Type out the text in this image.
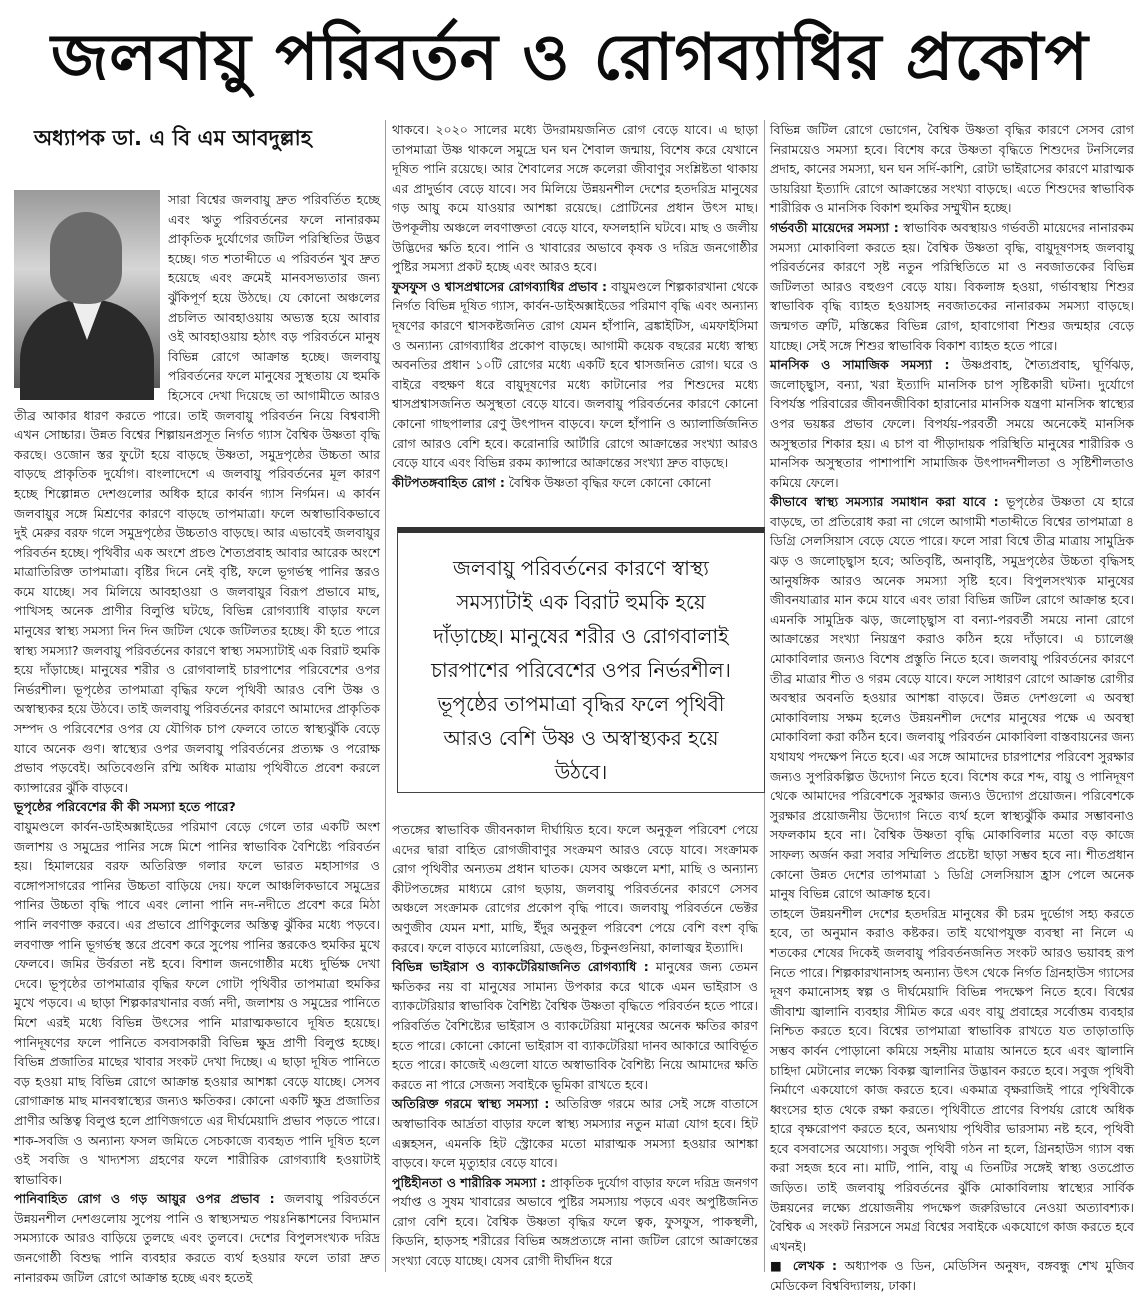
জলবায়ু পরিবর্তন ও রোগব্যাধির প্রকোপ
অধ্যাপক ডা. এ বি এম আবদুল্লাহ

সারা বিশ্বের জলবায়ু দ্রুত পরিবর্তিত হচ্ছে এবং ঋতু পরিবর্তনের ফলে নানারকম প্রাকৃতিক দুর্যোগের জটিল পরিস্থিতির উদ্ভব হচ্ছে। গত শতাব্দীতে এ পরিবর্তন খুব দ্রুত হয়েছে এবং ক্রমেই মানবসভ্যতার জন্য ঝুঁকিপূর্ণ হয়ে উঠছে। যে কোনো অঞ্চলের প্রচলিত আবহাওয়ায় অভ্যস্ত হয়ে আবার ওই আবহাওয়ায় হঠাৎ বড় পরিবর্তনে মানুষ বিভিন্ন রোগে আক্রান্ত হচ্ছে। জলবায়ু পরিবর্তনের ফলে মানুষের সুস্থতায় যে হুমকি হিসেবে দেখা দিয়েছে তা আগামীতে আরও তীব্র আকার ধারণ করতে পারে। তাই জলবায়ু পরিবর্তন নিয়ে বিশ্ববাসী এখন সোচ্চার। উন্নত বিশ্বের শিল্পায়নপ্রসূত নির্গত গ্যাস বৈশ্বিক উষ্ণতা বৃদ্ধি করছে। ওজোন স্তর ফুটো হয়ে বাড়ছে উষ্ণতা, সমুদ্রপৃষ্ঠের উচ্চতা আর বাড়ছে প্রাকৃতিক দুর্যোগ। বাংলাদেশে এ জলবায়ু পরিবর্তনের মূল কারণ হচ্ছে শিল্পোন্নত দেশগুলোর অধিক হারে কার্বন গ্যাস নির্গমন। এ কার্বন জলবায়ুর সঙ্গে মিশ্রণের কারণে বাড়ছে তাপমাত্রা। ফলে অস্বাভাবিকভাবে দুই মেরুর বরফ গলে সমুদ্রপৃষ্ঠের উচ্চতাও বাড়ছে। আর এভাবেই জলবায়ুর পরিবর্তন হচ্ছে। পৃথিবীর এক অংশে প্রচণ্ড শৈত্যপ্রবাহ আবার আরেক অংশে মাত্রাতিরিক্ত তাপমাত্রা। বৃষ্টির দিনে নেই বৃষ্টি, ফলে ভূগর্ভস্থ পানির স্তরও কমে যাচ্ছে। সব মিলিয়ে আবহাওয়া ও জলবায়ুর বিরূপ প্রভাবে মাছ, পাখিসহ অনেক প্রাণীর বিলুপ্তি ঘটছে, বিভিন্ন রোগব্যাধি বাড়ার ফলে মানুষের স্বাস্থ্য সমস্যা দিন দিন জটিল থেকে জটিলতর হচ্ছে। কী হতে পারে স্বাস্থ্য সমস্যা? জলবায়ু পরিবর্তনের কারণে স্বাস্থ্য সমস্যাটাই এক বিরাট হুমকি হয়ে দাঁড়াচ্ছে। মানুষের শরীর ও রোগবালাই চারপাশের পরিবেশের ওপর নির্ভরশীল। ভূপৃষ্ঠের তাপমাত্রা বৃদ্ধির ফলে পৃথিবী আরও বেশি উষ্ণ ও অস্বাস্থ্যকর হয়ে উঠবে। তাই জলবায়ু পরিবর্তনের কারণে আমাদের প্রাকৃতিক সম্পদ ও পরিবেশের ওপর যে যৌগিক চাপ ফেলবে তাতে স্বাস্থ্যঝুঁকি বেড়ে যাবে অনেক গুণ। স্বাস্থ্যের ওপর জলবায়ু পরিবর্তনের প্রত্যক্ষ ও পরোক্ষ প্রভাব পড়বেই। অতিবেগুনি রশ্মি অধিক মাত্রায় পৃথিবীতে প্রবেশ করলে ক্যান্সারের ঝুঁকি বাড়বে।

ভূপৃষ্ঠের পরিবেশের কী কী সমস্যা হতে পারে?

বায়ুমণ্ডলে কার্বন-ডাইঅক্সাইডের পরিমাণ বেড়ে গেলে তার একটি অংশ জলাশয় ও সমুদ্রের পানির সঙ্গে মিশে পানির স্বাভাবিক বৈশিষ্ট্যে পরিবর্তন হয়। হিমালয়ের বরফ অতিরিক্ত গলার ফলে ভারত মহাসাগর ও বঙ্গোপসাগরের পানির উচ্চতা বাড়িয়ে দেয়। ফলে আঞ্চলিকভাবে সমুদ্রের পানির উচ্চতা বৃদ্ধি পাবে এবং লোনা পানি নদ-নদীতে প্রবেশ করে মিঠা পানি লবণাক্ত করবে। এর প্রভাবে প্রাণিকুলের অস্তিত্ব ঝুঁকির মধ্যে পড়বে। লবণাক্ত পানি ভূগর্ভস্থ স্তরে প্রবেশ করে সুপেয় পানির স্তরকেও হুমকির মুখে ফেলবে। জমির উর্বরতা নষ্ট হবে। বিশাল জনগোষ্ঠীর মধ্যে দুর্ভিক্ষ দেখা দেবে। ভূপৃষ্ঠের তাপমাত্রার বৃদ্ধির ফলে গোটা পৃথিবীর তাপমাত্রা হুমকির মুখে পড়বে। এ ছাড়া শিল্পকারখানার বর্জ্য নদী, জলাশয় ও সমুদ্রের পানিতে মিশে এরই মধ্যে বিভিন্ন উৎসের পানি মারাত্মকভাবে দূষিত হয়েছে। পানিদূষণের ফলে পানিতে বসবাসকারী বিভিন্ন ক্ষুদ্র প্রাণী বিলুপ্ত হচ্ছে। বিভিন্ন প্রজাতির মাছের খাবার সংকট দেখা দিচ্ছে। এ ছাড়া দূষিত পানিতে বড় হওয়া মাছ বিভিন্ন রোগে আক্রান্ত হওয়ার আশঙ্কা বেড়ে যাচ্ছে। সেসব রোগাক্রান্ত মাছ মানবস্বাস্থ্যের জন্যও ক্ষতিকর। কোনো একটি ক্ষুদ্র প্রজাতির প্রাণীর অস্তিত্ব বিলুপ্ত হলে প্রাণিজগতে এর দীর্ঘমেয়াদি প্রভাব পড়তে পারে। শাক-সবজি ও অন্যান্য ফসল জমিতে সেচকাজে ব্যবহৃত পানি দূষিত হলে ওই সবজি ও খাদ্যশস্য গ্রহণের ফলে শারীরিক রোগব্যাধি হওয়াটাই স্বাভাবিক।

পানিবাহিত রোগ ও গড় আয়ুর ওপর প্রভাব : জলবায়ু পরিবর্তনে উন্নয়নশীল দেশগুলোয় সুপেয় পানি ও স্বাস্থ্যসম্মত পয়ঃনিষ্কাশনের বিদ্যমান সমস্যাকে আরও বাড়িয়ে তুলছে এবং তুলবে। দেশের বিপুলসংখ্যক দরিদ্র জনগোষ্ঠী বিশুদ্ধ পানি ব্যবহার করতে ব্যর্থ হওয়ার ফলে তারা দ্রুত নানারকম জটিল রোগে আক্রান্ত হচ্ছে এবং হতেই

থাকবে। ২০২০ সালের মধ্যে উদরাময়জনিত রোগ বেড়ে যাবে। এ ছাড়া তাপমাত্রা উষ্ণ থাকলে সমুদ্রে ঘন ঘন শৈবাল জন্মায়, বিশেষ করে যেখানে দূষিত পানি রয়েছে। আর শৈবালের সঙ্গে কলেরা জীবাণুর সংশ্লিষ্টতা থাকায় এর প্রাদুর্ভাব বেড়ে যাবে। সব মিলিয়ে উন্নয়নশীল দেশের হতদরিদ্র মানুষের গড় আয়ু কমে যাওয়ার আশঙ্কা রয়েছে। প্রোটিনের প্রধান উৎস মাছ। উপকূলীয় অঞ্চলে লবণাক্ততা বেড়ে যাবে, ফসলহানি ঘটবে। মাছ ও জলীয় উদ্ভিদের ক্ষতি হবে। পানি ও খাবারের অভাবে কৃষক ও দরিদ্র জনগোষ্ঠীর পুষ্টির সমস্যা প্রকট হচ্ছে এবং আরও হবে।

ফুসফুস ও শ্বাসপ্রশ্বাসের রোগব্যাধির প্রভাব : বায়ুমণ্ডলে শিল্পকারখানা থেকে নির্গত বিভিন্ন দূষিত গ্যাস, কার্বন-ডাইঅক্সাইডের পরিমাণ বৃদ্ধি এবং অন্যান্য দূষণের কারণে শ্বাসকষ্টজনিত রোগ যেমন হাঁপানি, ব্রঙ্কাইটিস, এমফাইসিমা ও অন্যান্য রোগব্যাধির প্রকোপ বাড়ছে। আগামী কয়েক বছরের মধ্যে স্বাস্থ্য অবনতির প্রধান ১০টি রোগের মধ্যে একটি হবে শ্বাসজনিত রোগ। ঘরে ও বাইরে বহুক্ষণ ধরে বায়ুদূষণের মধ্যে কাটানোর পর শিশুদের মধ্যে শ্বাসপ্রশ্বাসজনিত অসুস্থতা বেড়ে যাবে। জলবায়ু পরিবর্তনের কারণে কোনো কোনো গাছপালার রেণু উৎপাদন বাড়বে। ফলে হাঁপানি ও অ্যালার্জিজনিত রোগ আরও বেশি হবে। করোনারি আর্টারি রোগে আক্রান্তের সংখ্যা আরও বেড়ে যাবে এবং বিভিন্ন রকম ক্যান্সারে আক্রান্তের সংখ্যা দ্রুত বাড়ছে।

কীটপতঙ্গবাহিত রোগ : বৈশ্বিক উষ্ণতা বৃদ্ধির ফলে কোনো কোনো

পতঙ্গের স্বাভাবিক জীবনকাল দীর্ঘায়িত হবে। ফলে অনুকূল পরিবেশ পেয়ে এদের দ্বারা বাহিত রোগজীবাণুর সংক্রমণ আরও বেড়ে যাবে। সংক্রামক রোগ পৃথিবীর অন্যতম প্রধান ঘাতক। যেসব অঞ্চলে মশা, মাছি ও অন্যান্য কীটপতঙ্গের মাধ্যমে রোগ ছড়ায়, জলবায়ু পরিবর্তনের কারণে সেসব অঞ্চলে সংক্রামক রোগের প্রকোপ বৃদ্ধি পাবে। জলবায়ু পরিবর্তনে ভেক্টর অণুজীব যেমন মশা, মাছি, ইঁদুর অনুকূল পরিবেশ পেয়ে বেশি বংশ বৃদ্ধি করবে। ফলে বাড়বে ম্যালেরিয়া, ডেঙ্গু, চিকুনগুনিয়া, কালাজ্বর ইত্যাদি।

বিভিন্ন ভাইরাস ও ব্যাকটেরিয়াজনিত রোগব্যাধি : মানুষের জন্য তেমন ক্ষতিকর নয় বা মানুষের সামান্য উপকার করে থাকে এমন ভাইরাস ও ব্যাকটেরিয়ার স্বাভাবিক বৈশিষ্ট্য বৈশ্বিক উষ্ণতা বৃদ্ধিতে পরিবর্তন হতে পারে। পরিবর্তিত বৈশিষ্ট্যের ভাইরাস ও ব্যাকটেরিয়া মানুষের অনেক ক্ষতির কারণ হতে পারে। কোনো কোনো ভাইরাস বা ব্যাকটেরিয়া দানব আকারে আবির্ভূত হতে পারে। কাজেই এগুলো যাতে অস্বাভাবিক বৈশিষ্ট্য নিয়ে আমাদের ক্ষতি করতে না পারে সেজন্য সবাইকে ভূমিকা রাখতে হবে।

অতিরিক্ত গরমে স্বাস্থ্য সমস্যা : অতিরিক্ত গরমে আর সেই সঙ্গে বাতাসে অস্বাভাবিক আর্দ্রতা বাড়ার ফলে স্বাস্থ্য সমস্যার নতুন মাত্রা যোগ হবে। হিট এক্সহসন, এমনকি হিট স্ট্রোকের মতো মারাত্মক সমস্যা হওয়ার আশঙ্কা বাড়বে। ফলে মৃত্যুহার বেড়ে যাবে।

পুষ্টিহীনতা ও শারীরিক সমস্যা : প্রাকৃতিক দুর্যোগ বাড়ার ফলে দরিদ্র জনগণ পর্যাপ্ত ও সুষম খাবারের অভাবে পুষ্টির সমস্যায় পড়বে এবং অপুষ্টিজনিত রোগ বেশি হবে। বৈশ্বিক উষ্ণতা বৃদ্ধির ফলে ত্বক, ফুসফুস, পাকস্থলী, কিডনি, হাড়সহ শরীরের বিভিন্ন অঙ্গপ্রত্যঙ্গে নানা জটিল রোগে আক্রান্তের সংখ্যা বেড়ে যাচ্ছে। যেসব রোগী দীর্ঘদিন ধরে

জলবায়ু পরিবর্তনের কারণে স্বাস্থ্য সমস্যাটাই এক বিরাট হুমকি হয়ে দাঁড়াচ্ছে। মানুষের শরীর ও রোগবালাই চারপাশের পরিবেশের ওপর নির্ভরশীল। ভূপৃষ্ঠের তাপমাত্রা বৃদ্ধির ফলে পৃথিবী আরও বেশি উষ্ণ ও অস্বাস্থ্যকর হয়ে উঠবে।

বিভিন্ন জটিল রোগে ভোগেন, বৈশ্বিক উষ্ণতা বৃদ্ধির কারণে সেসব রোগ নিরাময়েও সমস্যা হবে। বিশেষ করে উষ্ণতা বৃদ্ধিতে শিশুদের টনসিলের প্রদাহ, কানের সমস্যা, ঘন ঘন সর্দি-কাশি, রোটা ভাইরাসের কারণে মারাত্মক ডায়রিয়া ইত্যাদি রোগে আক্রান্তের সংখ্যা বাড়ছে। এতে শিশুদের স্বাভাবিক শারীরিক ও মানসিক বিকাশ হুমকির সম্মুখীন হচ্ছে।

গর্ভবতী মায়েদের সমস্যা : স্বাভাবিক অবস্থায়ও গর্ভবতী মায়েদের নানারকম সমস্যা মোকাবিলা করতে হয়। বৈশ্বিক উষ্ণতা বৃদ্ধি, বায়ুদূষণসহ জলবায়ু পরিবর্তনের কারণে সৃষ্ট নতুন পরিস্থিতিতে মা ও নবজাতকের বিভিন্ন জটিলতা আরও বহুগুণ বেড়ে যায়। বিকলাঙ্গ হওয়া, গর্ভাবস্থায় শিশুর স্বাভাবিক বৃদ্ধি ব্যাহত হওয়াসহ নবজাতকের নানারকম সমস্যা বাড়ছে। জন্মগত ত্রুটি, মস্তিষ্কের বিভিন্ন রোগ, হাবাগোবা শিশুর জন্মহার বেড়ে যাচ্ছে। সেই সঙ্গে শিশুর স্বাভাবিক বিকাশ ব্যাহত হতে পারে।

মানসিক ও সামাজিক সমস্যা : উষ্ণপ্রবাহ, শৈত্যপ্রবাহ, ঘূর্ণিঝড়, জলোচ্ছ্বাস, বন্যা, খরা ইত্যাদি মানসিক চাপ সৃষ্টিকারী ঘটনা। দুর্যোগে বিপর্যস্ত পরিবারের জীবনজীবিকা হারানোর মানসিক যন্ত্রণা মানসিক স্বাস্থ্যের ওপর ভয়ঙ্কর প্রভাব ফেলে। বিপর্যয়-পরবর্তী সময়ে অনেকেই মানসিক অসুস্থতার শিকার হয়। এ চাপ বা পীড়াদায়ক পরিস্থিতি মানুষের শারীরিক ও মানসিক অসুস্থতার পাশাপাশি সামাজিক উৎপাদনশীলতা ও সৃষ্টিশীলতাও কমিয়ে ফেলে।

কীভাবে স্বাস্থ্য সমস্যার সমাধান করা যাবে : ভূপৃষ্ঠের উষ্ণতা যে হারে বাড়ছে, তা প্রতিরোধ করা না গেলে আগামী শতাব্দীতে বিশ্বের তাপমাত্রা ৪ ডিগ্রি সেলসিয়াস বেড়ে যেতে পারে। ফলে সারা বিশ্বে তীব্র মাত্রায় সামুদ্রিক ঝড় ও জলোচ্ছ্বাস হবে; অতিবৃষ্টি, অনাবৃষ্টি, সমুদ্রপৃষ্ঠের উচ্চতা বৃদ্ধিসহ আনুষঙ্গিক আরও অনেক সমস্যা সৃষ্টি হবে। বিপুলসংখ্যক মানুষের জীবনযাত্রার মান কমে যাবে এবং তারা বিভিন্ন জটিল রোগে আক্রান্ত হবে। এমনকি সামুদ্রিক ঝড়, জলোচ্ছ্বাস বা বন্যা-পরবর্তী সময়ে নানা রোগে আক্রান্তের সংখ্যা নিয়ন্ত্রণ করাও কঠিন হয়ে দাঁড়াবে। এ চ্যালেঞ্জ মোকাবিলার জন্যও বিশেষ প্রস্তুতি নিতে হবে। জলবায়ু পরিবর্তনের কারণে তীব্র মাত্রার শীত ও গরম বেড়ে যাবে। ফলে সাধারণ রোগে আক্রান্ত রোগীর অবস্থার অবনতি হওয়ার আশঙ্কা বাড়বে। উন্নত দেশগুলো এ অবস্থা মোকাবিলায় সক্ষম হলেও উন্নয়নশীল দেশের মানুষের পক্ষে এ অবস্থা মোকাবিলা করা কঠিন হবে। জলবায়ু পরিবর্তন মোকাবিলা বাস্তবায়নের জন্য যথাযথ পদক্ষেপ নিতে হবে। এর সঙ্গে আমাদের চারপাশের পরিবেশ সুরক্ষার জন্যও সুপরিকল্পিত উদ্যোগ নিতে হবে। বিশেষ করে শব্দ, বায়ু ও পানিদূষণ থেকে আমাদের পরিবেশকে সুরক্ষার জন্যও উদ্যোগ প্রয়োজন। পরিবেশকে সুরক্ষার প্রয়োজনীয় উদ্যোগ নিতে ব্যর্থ হলে স্বাস্থ্যঝুঁকি কমার সম্ভাবনাও সফলকাম হবে না। বৈশ্বিক উষ্ণতা বৃদ্ধি মোকাবিলার মতো বড় কাজে সাফল্য অর্জন করা সবার সম্মিলিত প্রচেষ্টা ছাড়া সম্ভব হবে না। শীতপ্রধান কোনো উন্নত দেশের তাপমাত্রা ১ ডিগ্রি সেলসিয়াস হ্রাস পেলে অনেক মানুষ বিভিন্ন রোগে আক্রান্ত হবে।

তাহলে উন্নয়নশীল দেশের হতদরিদ্র মানুষের কী চরম দুর্ভোগ সহ্য করতে হবে, তা অনুমান করাও কষ্টকর। তাই যথোপযুক্ত ব্যবস্থা না নিলে এ শতকের শেষের দিকেই জলবায়ু পরিবর্তনজনিত সংকট আরও ভয়াবহ রূপ নিতে পারে। শিল্পকারখানাসহ অন্যান্য উৎস থেকে নির্গত গ্রিনহাউস গ্যাসের দূষণ কমানোসহ স্বল্প ও দীর্ঘমেয়াদি বিভিন্ন পদক্ষেপ নিতে হবে। বিশ্বের জীবাশ্ম জ্বালানি ব্যবহার সীমিত করে এবং বায়ু প্রবাহের সর্বোত্তম ব্যবহার নিশ্চিত করতে হবে। বিশ্বের তাপমাত্রা স্বাভাবিক রাখতে যত তাড়াতাড়ি সম্ভব কার্বন পোড়ানো কমিয়ে সহনীয় মাত্রায় আনতে হবে এবং জ্বালানি চাহিদা মেটানোর লক্ষ্যে বিকল্প জ্বালানির উদ্ভাবন করতে হবে। সবুজ পৃথিবী নির্মাণে একযোগে কাজ করতে হবে। একমাত্র বৃক্ষরাজিই পারে পৃথিবীকে ধ্বংসের হাত থেকে রক্ষা করতে। পৃথিবীতে প্রাণের বিপর্যয় রোধে অধিক হারে বৃক্ষরোপণ করতে হবে, অন্যথায় পৃথিবীর ভারসাম্য নষ্ট হবে, পৃথিবী হবে বসবাসের অযোগ্য। সবুজ পৃথিবী গঠন না হলে, গ্রিনহাউস গ্যাস বন্ধ করা সহজ হবে না। মাটি, পানি, বায়ু এ তিনটির সঙ্গেই স্বাস্থ্য ওতপ্রোত জড়িত। তাই জলবায়ু পরিবর্তনের ঝুঁকি মোকাবিলায় স্বাস্থ্যের সার্বিক উন্নয়নের লক্ষ্যে প্রয়োজনীয় পদক্ষেপ জরুরিভাবে নেওয়া অত্যাবশ্যক। বৈশ্বিক এ সংকট নিরসনে সমগ্র বিশ্বের সবাইকে একযোগে কাজ করতে হবে এখনই।

■ লেখক : অধ্যাপক ও ডিন, মেডিসিন অনুষদ, বঙ্গবন্ধু শেখ মুজিব মেডিকেল বিশ্ববিদ্যালয়, ঢাকা।
